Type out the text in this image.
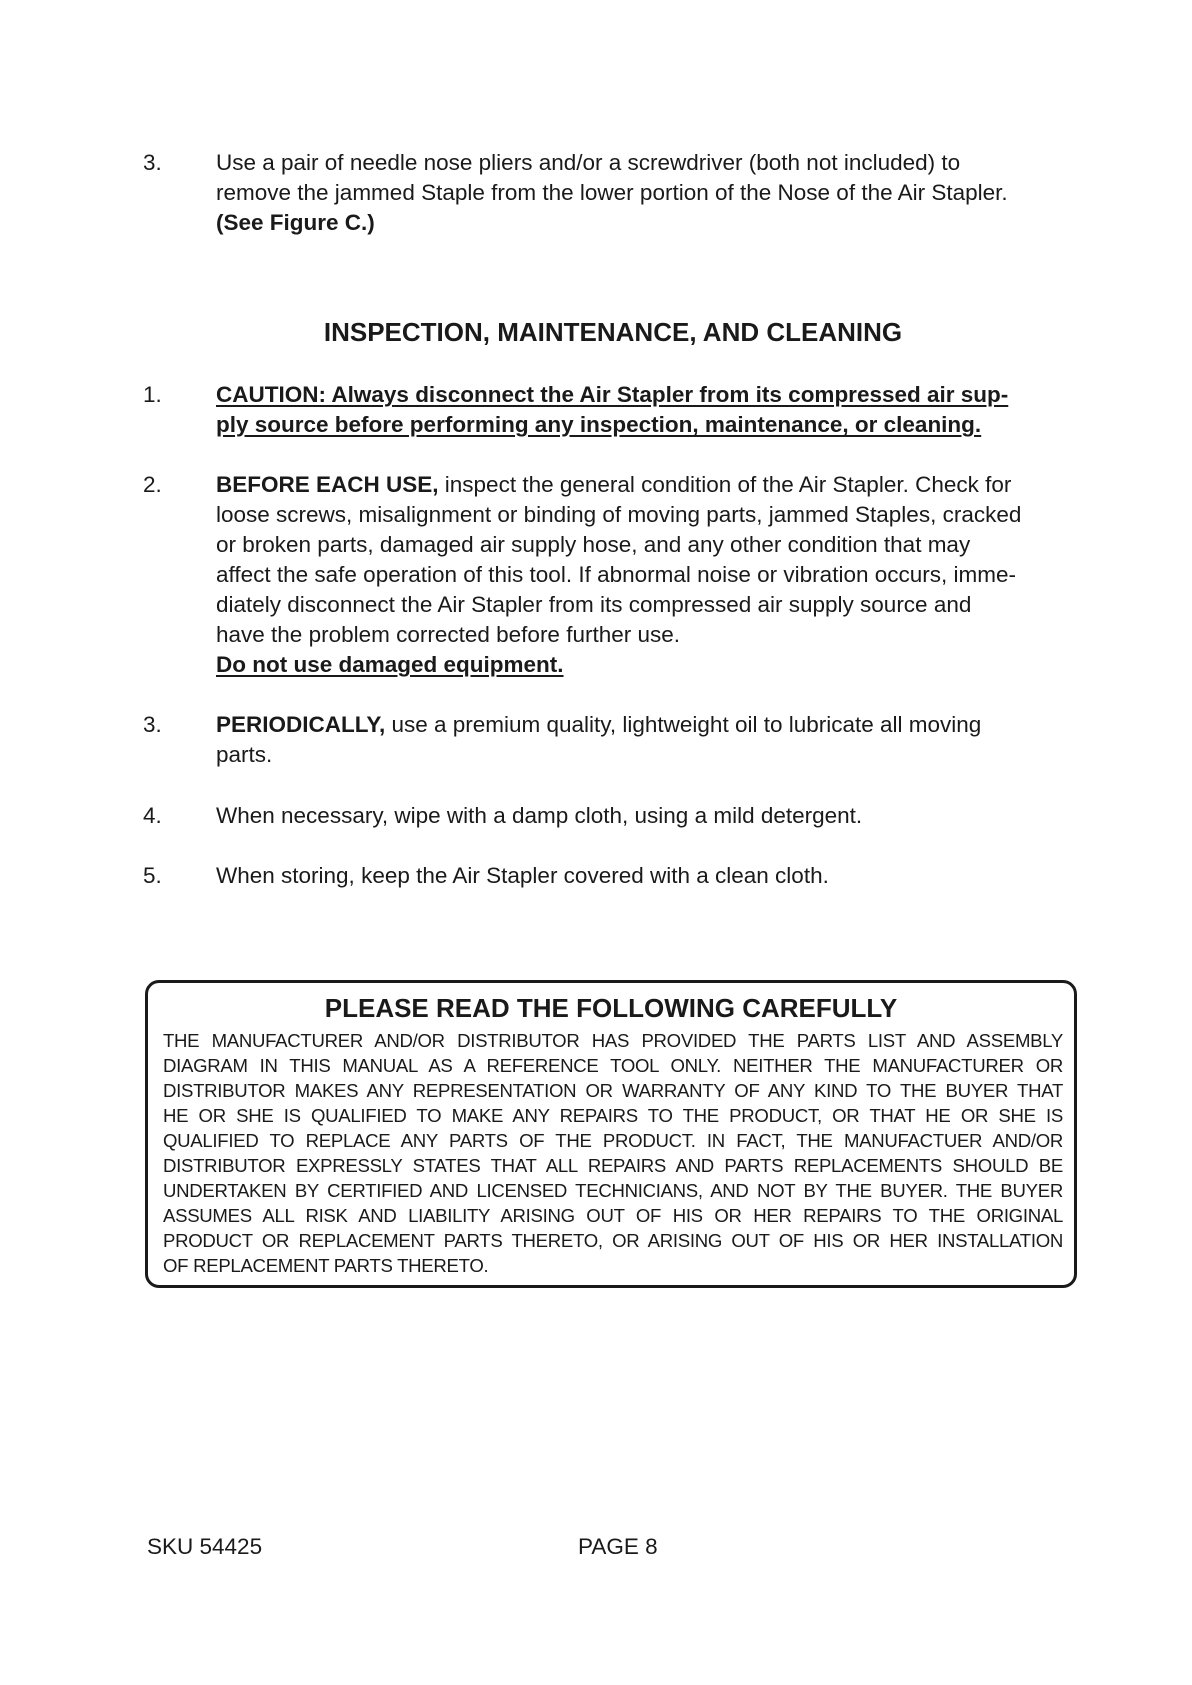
3. Use a pair of needle nose pliers and/or a screwdriver (both not included) to
remove the jammed Staple from the lower portion of the Nose of the Air Stapler.
(See Figure C.)
INSPECTION, MAINTENANCE, AND CLEANING
1. CAUTION: Always disconnect the Air Stapler from its compressed air sup-
ply source before performing any inspection, maintenance, or cleaning.
2. BEFORE EACH USE, inspect the general condition of the Air Stapler. Check for
loose screws, misalignment or binding of moving parts, jammed Staples, cracked
or broken parts, damaged air supply hose, and any other condition that may
affect the safe operation of this tool. If abnormal noise or vibration occurs, imme-
diately disconnect the Air Stapler from its compressed air supply source and
have the problem corrected before further use.
Do not use damaged equipment.
3. PERIODICALLY, use a premium quality, lightweight oil to lubricate all moving
parts.
4. When necessary, wipe with a damp cloth, using a mild detergent.
5. When storing, keep the Air Stapler covered with a clean cloth.
PLEASE READ THE FOLLOWING CAREFULLY
THE MANUFACTURER AND/OR DISTRIBUTOR HAS PROVIDED THE PARTS LIST AND ASSEMBLY
DIAGRAM IN THIS MANUAL AS A REFERENCE TOOL ONLY. NEITHER THE MANUFACTURER OR
DISTRIBUTOR MAKES ANY REPRESENTATION OR WARRANTY OF ANY KIND TO THE BUYER THAT
HE OR SHE IS QUALIFIED TO MAKE ANY REPAIRS TO THE PRODUCT, OR THAT HE OR SHE IS
QUALIFIED TO REPLACE ANY PARTS OF THE PRODUCT. IN FACT, THE MANUFACTUER AND/OR
DISTRIBUTOR EXPRESSLY STATES THAT ALL REPAIRS AND PARTS REPLACEMENTS SHOULD BE
UNDERTAKEN BY CERTIFIED AND LICENSED TECHNICIANS, AND NOT BY THE BUYER. THE BUYER
ASSUMES ALL RISK AND LIABILITY ARISING OUT OF HIS OR HER REPAIRS TO THE ORIGINAL
PRODUCT OR REPLACEMENT PARTS THERETO, OR ARISING OUT OF HIS OR HER INSTALLATION
OF REPLACEMENT PARTS THERETO.
SKU 54425	PAGE 8
